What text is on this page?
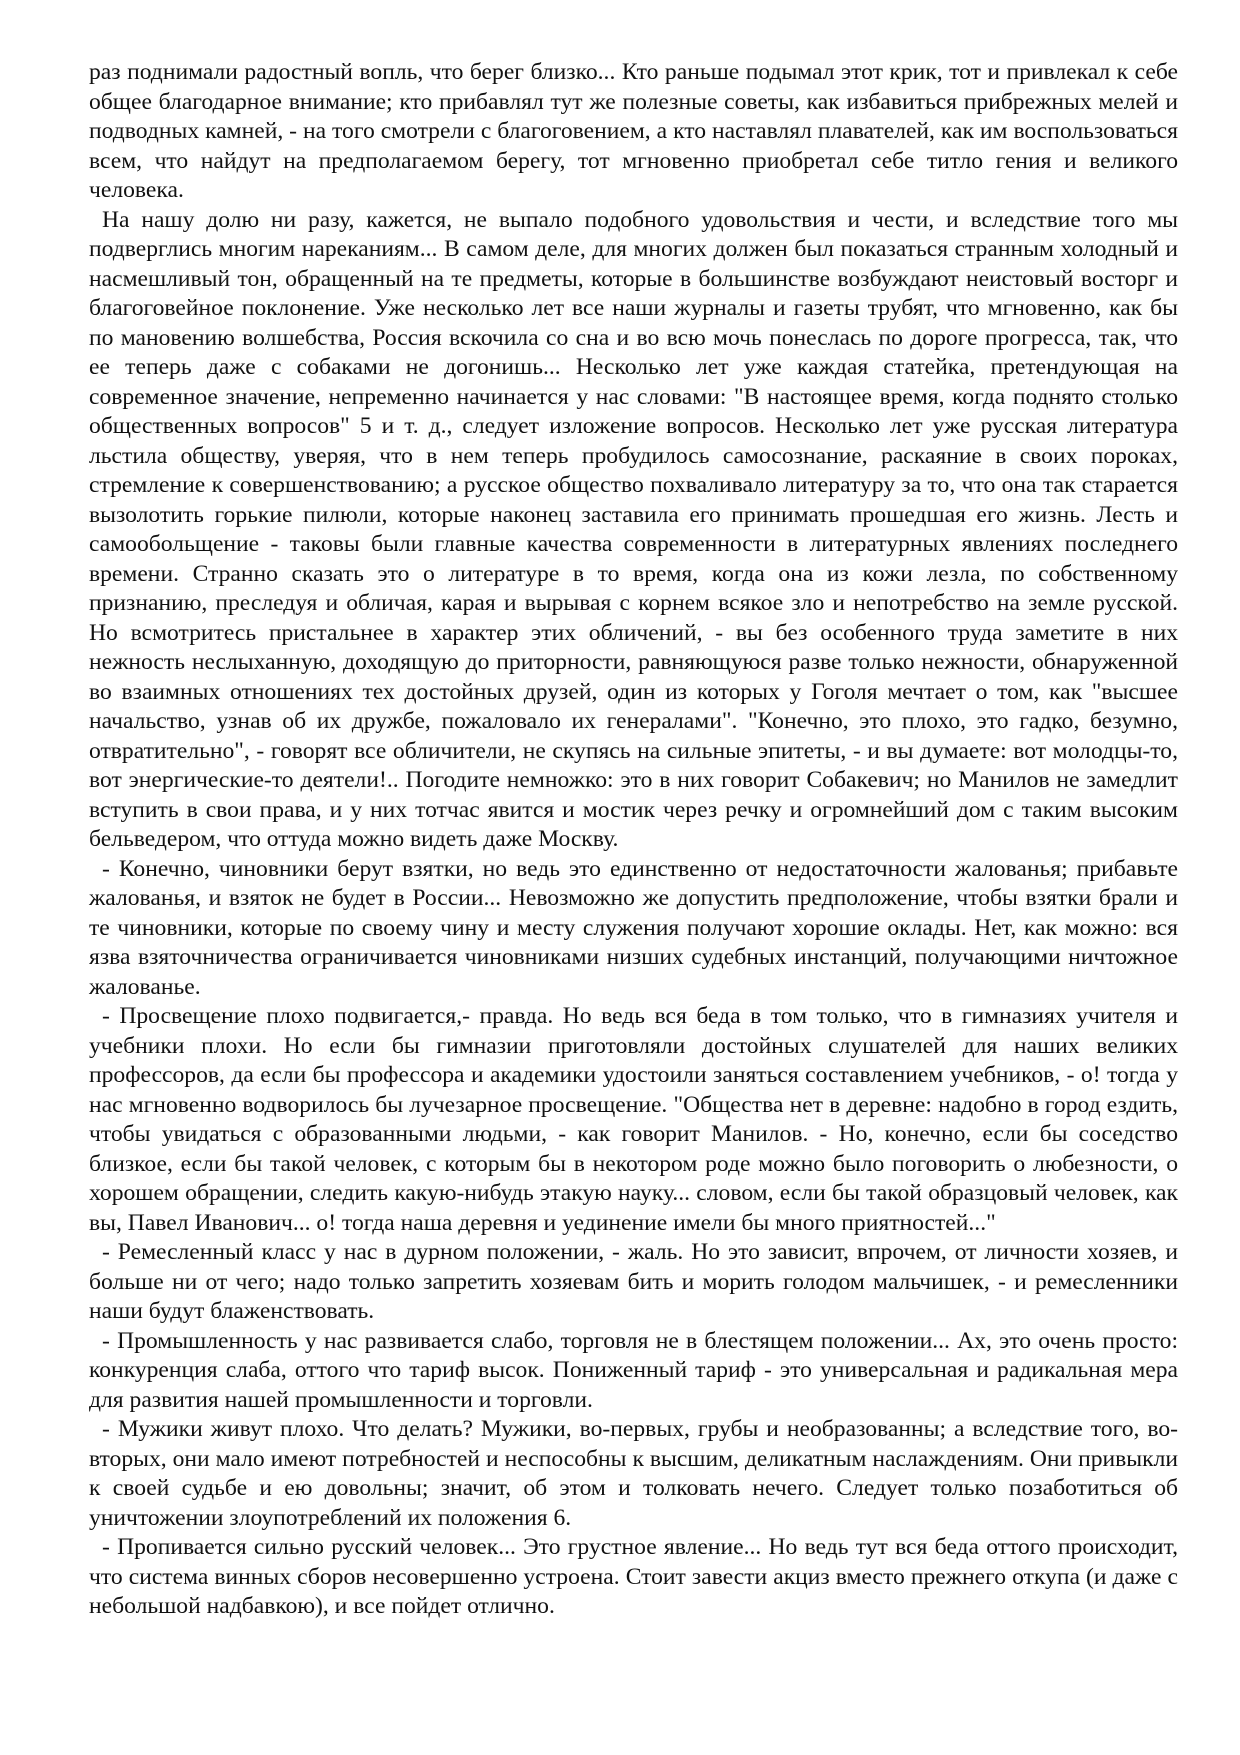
раз поднимали радостный вопль, что берег близко... Кто раньше подымал этот крик, тот и привлекал к себе общее благодарное внимание; кто прибавлял тут же полезные советы, как избавиться прибрежных мелей и подводных камней, - на того смотрели с благоговением, а кто наставлял плавателей, как им воспользоваться всем, что найдут на предполагаемом берегу, тот мгновенно приобретал себе титло гения и великого человека.

На нашу долю ни разу, кажется, не выпало подобного удовольствия и чести, и вследствие того мы подверглись многим нареканиям... В самом деле, для многих должен был показаться странным холодный и насмешливый тон, обращенный на те предметы, которые в большинстве возбуждают неистовый восторг и благоговейное поклонение. Уже несколько лет все наши журналы и газеты трубят, что мгновенно, как бы по мановению волшебства, Россия вскочила со сна и во всю мочь понеслась по дороге прогресса, так, что ее теперь даже с собаками не догонишь... Несколько лет уже каждая статейка, претендующая на современное значение, непременно начинается у нас словами: "В настоящее время, когда поднято столько общественных вопросов" 5 и т. д., следует изложение вопросов. Несколько лет уже русская литература льстила обществу, уверяя, что в нем теперь пробудилось самосознание, раскаяние в своих пороках, стремление к совершенствованию; а русское общество похваливало литературу за то, что она так старается вызолотить горькие пилюли, которые наконец заставила его принимать прошедшая его жизнь. Лесть и самообольщение - таковы были главные качества современности в литературных явлениях последнего времени. Странно сказать это о литературе в то время, когда она из кожи лезла, по собственному признанию, преследуя и обличая, карая и вырывая с корнем всякое зло и непотребство на земле русской. Но всмотритесь пристальнее в характер этих обличений, - вы без особенного труда заметите в них нежность неслыханную, доходящую до приторности, равняющуюся разве только нежности, обнаруженной во взаимных отношениях тех достойных друзей, один из которых у Гоголя мечтает о том, как "высшее начальство, узнав об их дружбе, пожаловало их генералами". "Конечно, это плохо, это гадко, безумно, отвратительно", - говорят все обличители, не скупясь на сильные эпитеты, - и вы думаете: вот молодцы-то, вот энергические-то деятели!.. Погодите немножко: это в них говорит Собакевич; но Манилов не замедлит вступить в свои права, и у них тотчас явится и мостик через речку и огромнейший дом с таким высоким бельведером, что оттуда можно видеть даже Москву.

- Конечно, чиновники берут взятки, но ведь это единственно от недостаточности жалованья; прибавьте жалованья, и взяток не будет в России... Невозможно же допустить предположение, чтобы взятки брали и те чиновники, которые по своему чину и месту служения получают хорошие оклады. Нет, как можно: вся язва взяточничества ограничивается чиновниками низших судебных инстанций, получающими ничтожное жалованье.

- Просвещение плохо подвигается,- правда. Но ведь вся беда в том только, что в гимназиях учителя и учебники плохи. Но если бы гимназии приготовляли достойных слушателей для наших великих профессоров, да если бы профессора и академики удостоили заняться составлением учебников, - о! тогда у нас мгновенно водворилось бы лучезарное просвещение. "Общества нет в деревне: надобно в город ездить, чтобы увидаться с образованными людьми, - как говорит Манилов. - Но, конечно, если бы соседство близкое, если бы такой человек, с которым бы в некотором роде можно было поговорить о любезности, о хорошем обращении, следить какую-нибудь этакую науку... словом, если бы такой образцовый человек, как вы, Павел Иванович... о! тогда наша деревня и уединение имели бы много приятностей..."

- Ремесленный класс у нас в дурном положении, - жаль. Но это зависит, впрочем, от личности хозяев, и больше ни от чего; надо только запретить хозяевам бить и морить голодом мальчишек, - и ремесленники наши будут блаженствовать.

- Промышленность у нас развивается слабо, торговля не в блестящем положении... Ах, это очень просто: конкуренция слаба, оттого что тариф высок. Пониженный тариф - это универсальная и радикальная мера для развития нашей промышленности и торговли.

- Мужики живут плохо. Что делать? Мужики, во-первых, грубы и необразованны; а вследствие того, во-вторых, они мало имеют потребностей и неспособны к высшим, деликатным наслаждениям. Они привыкли к своей судьбе и ею довольны; значит, об этом и толковать нечего. Следует только позаботиться об уничтожении злоупотреблений их положения 6.

- Пропивается сильно русский человек... Это грустное явление... Но ведь тут вся беда оттого происходит, что система винных сборов несовершенно устроена. Стоит завести акциз вместо прежнего откупа (и даже с небольшой надбавкою), и все пойдет отлично.
